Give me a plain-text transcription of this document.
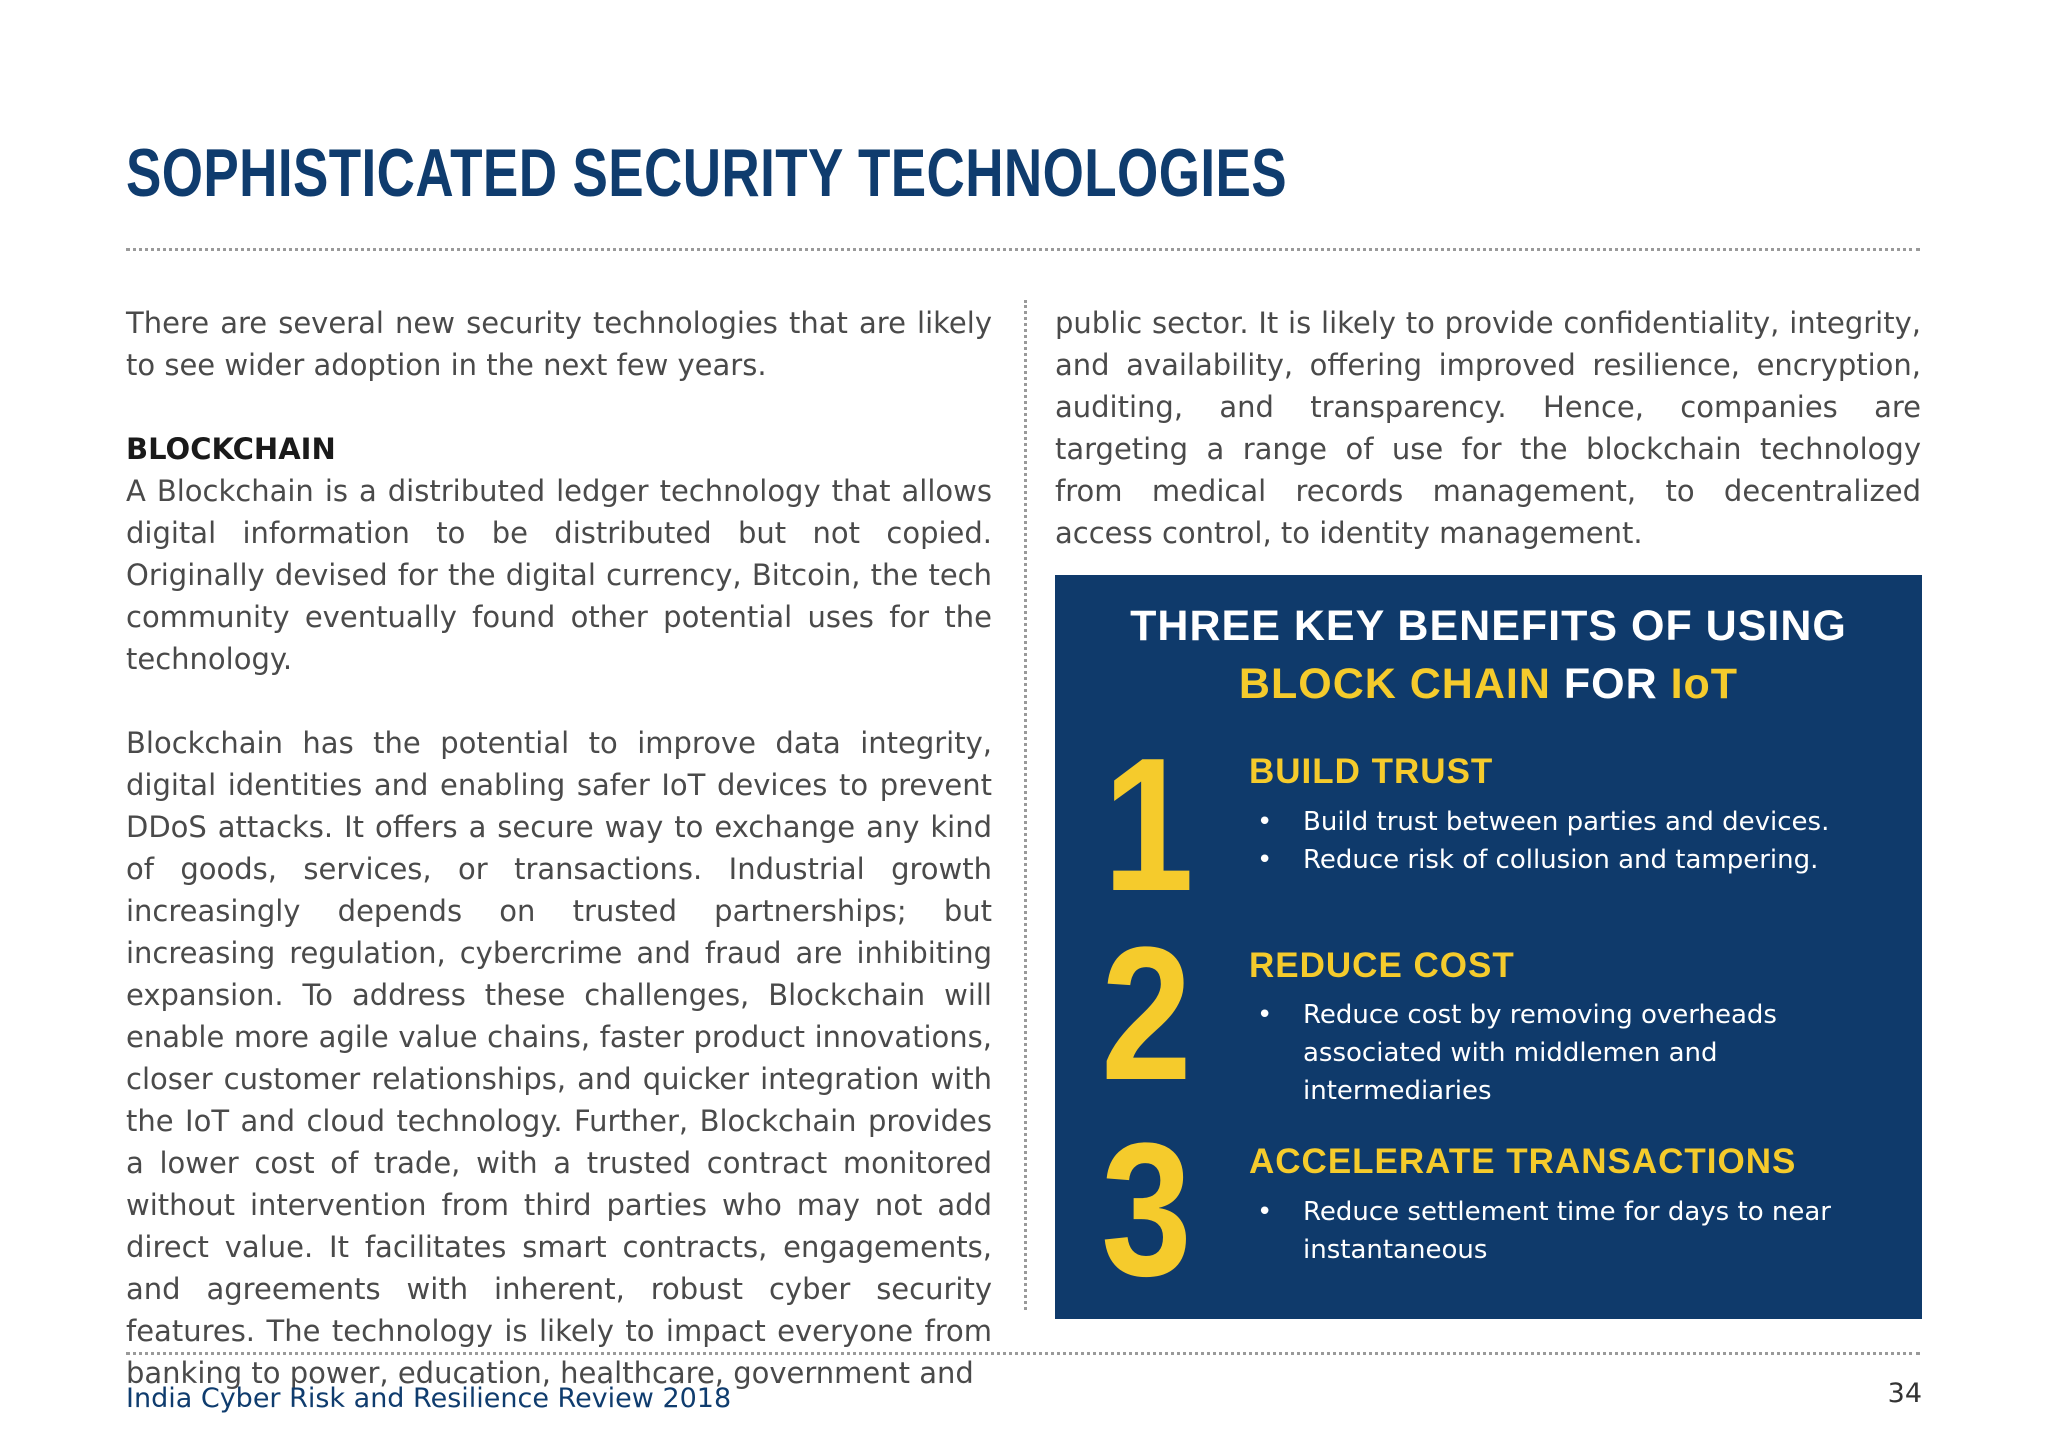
SOPHISTICATED SECURITY TECHNOLOGIES

There are several new security technologies that are likely to see wider adoption in the next few years.

BLOCKCHAIN

A Blockchain is a distributed ledger technology that allows digital information to be distributed but not copied. Originally devised for the digital currency, Bitcoin, the tech community eventually found other potential uses for the technology.

Blockchain has the potential to improve data integrity, digital identities and enabling safer IoT devices to prevent DDoS attacks. It offers a secure way to exchange any kind of goods, services, or transactions. Industrial growth increasingly depends on trusted partnerships; but increasing regulation, cybercrime and fraud are inhibiting expansion. To address these challenges, Blockchain will enable more agile value chains, faster product innovations, closer customer relationships, and quicker integration with the IoT and cloud technology. Further, Blockchain provides a lower cost of trade, with a trusted contract monitored without intervention from third parties who may not add direct value. It facilitates smart contracts, engagements, and agreements with inherent, robust cyber security features. The technology is likely to impact everyone from banking to power, education, healthcare, government and

public sector. It is likely to provide confidentiality, integrity, and availability, offering improved resilience, encryption, auditing, and transparency. Hence, companies are targeting a range of use for the blockchain technology from medical records management, to decentralized access control, to identity management.

THREE KEY BENEFITS OF USING
BLOCK CHAIN FOR IoT
1 BUILD TRUST
• Build trust between parties and devices.
• Reduce risk of collusion and tampering.
2 REDUCE COST
• Reduce cost by removing overheads associated with middlemen and intermediaries
3 ACCELERATE TRANSACTIONS
• Reduce settlement time for days to near instantaneous
India Cyber Risk and Resilience Review 2018	34
